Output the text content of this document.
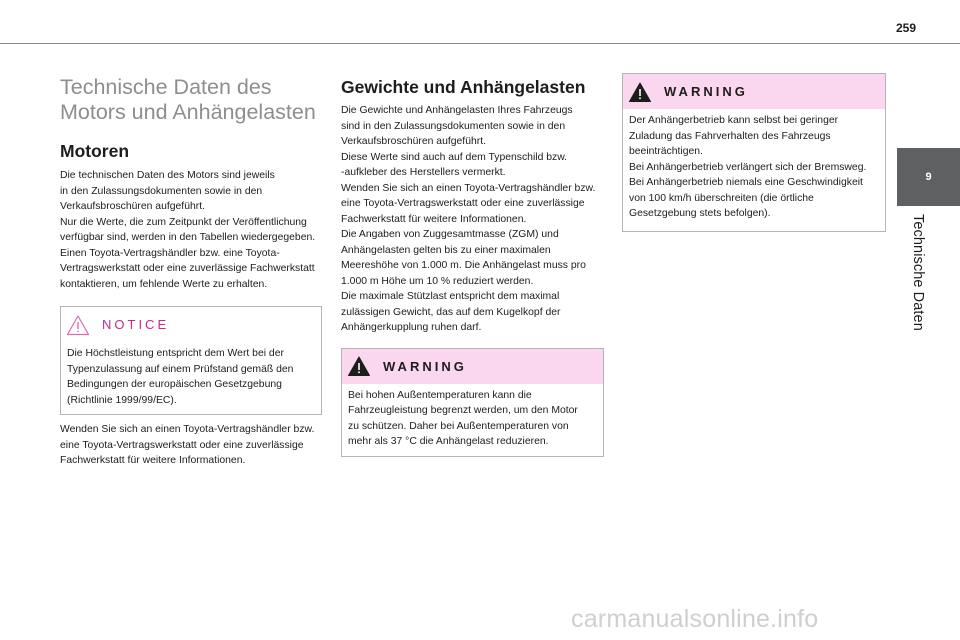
259
9
Technische Daten
Technische Daten des Motors und Anhängelasten
Motoren

Die technischen Daten des Motors sind jeweils
in den Zulassungsdokumenten sowie in den
Verkaufsbroschüren aufgeführt.
Nur die Werte, die zum Zeitpunkt der Veröffentlichung
verfügbar sind, werden in den Tabellen wiedergegeben.
Einen Toyota-Vertragshändler bzw. eine Toyota-
Vertragswerkstatt oder eine zuverlässige Fachwerkstatt
kontaktieren, um fehlende Werte zu erhalten.

NOTICE
Die Höchstleistung entspricht dem Wert bei der
Typenzulassung auf einem Prüfstand gemäß den
Bedingungen der europäischen Gesetzgebung
(Richtlinie 1999/99/EC).

Wenden Sie sich an einen Toyota-Vertragshändler bzw.
eine Toyota-Vertragswerkstatt oder eine zuverlässige
Fachwerkstatt für weitere Informationen.

Gewichte und Anhängelasten

Die Gewichte und Anhängelasten Ihres Fahrzeugs
sind in den Zulassungsdokumenten sowie in den
Verkaufsbroschüren aufgeführt.
Diese Werte sind auch auf dem Typenschild bzw.
-aufkleber des Herstellers vermerkt.
Wenden Sie sich an einen Toyota-Vertragshändler bzw.
eine Toyota-Vertragswerkstatt oder eine zuverlässige
Fachwerkstatt für weitere Informationen.
Die Angaben von Zuggesamtmasse (ZGM) und
Anhängelasten gelten bis zu einer maximalen
Meereshöhe von 1.000 m. Die Anhängelast muss pro
1.000 m Höhe um 10 % reduziert werden.
Die maximale Stützlast entspricht dem maximal
zulässigen Gewicht, das auf dem Kugelkopf der
Anhängerkupplung ruhen darf.

WARNING
Bei hohen Außentemperaturen kann die
Fahrzeugleistung begrenzt werden, um den Motor
zu schützen. Daher bei Außentemperaturen von
mehr als 37 °C die Anhängelast reduzieren.
WARNING
Der Anhängerbetrieb kann selbst bei geringer
Zuladung das Fahrverhalten des Fahrzeugs
beeinträchtigen.
Bei Anhängerbetrieb verlängert sich der Bremsweg.
Bei Anhängerbetrieb niemals eine Geschwindigkeit
von 100 km/h überschreiten (die örtliche
Gesetzgebung stets befolgen).
carmanualsonline.info
